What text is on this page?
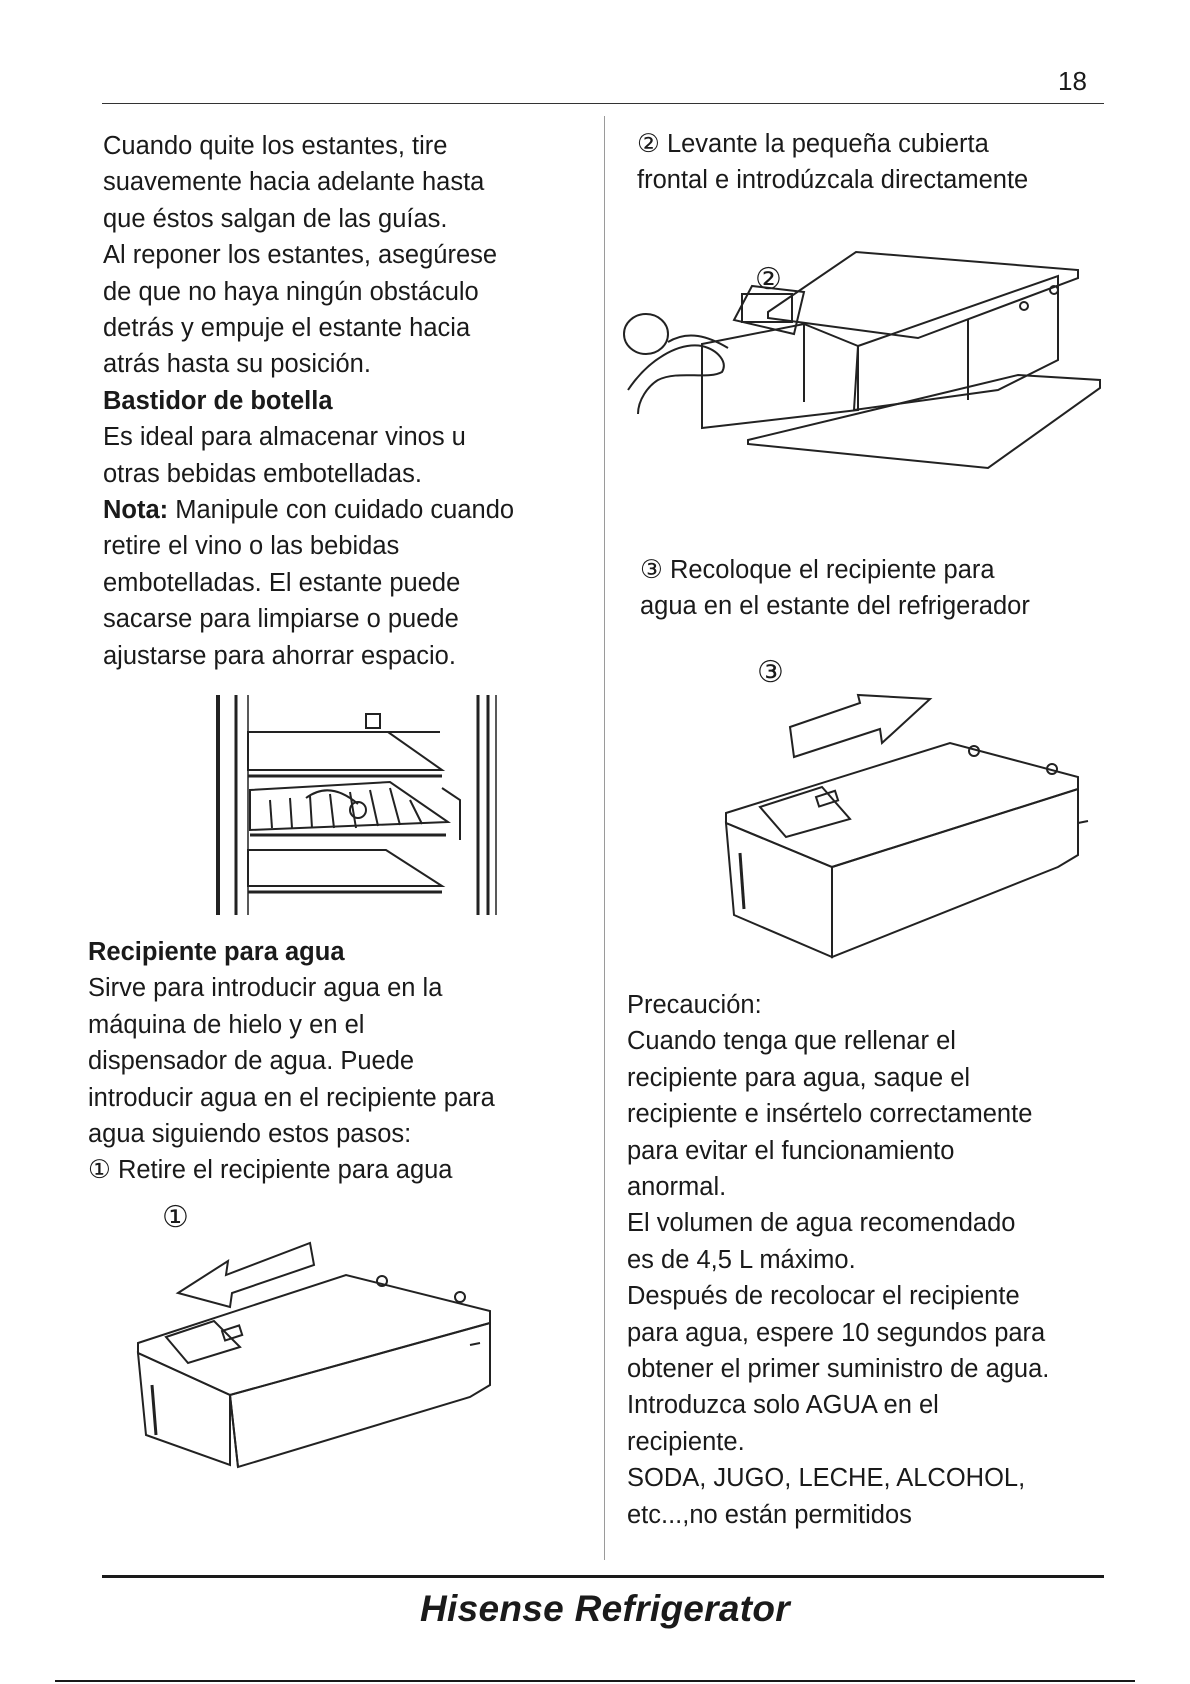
18

Cuando quite los estantes, tire

suavemente hacia adelante hasta

que éstos salgan de las guías.

Al reponer los estantes, asegúrese

de que no haya ningún obstáculo

detrás y empuje el estante hacia

atrás hasta su posición.

Bastidor de botella

Es ideal para almacenar vinos u

otras bebidas embotelladas.

Nota: Manipule con cuidado cuando

retire el vino o las bebidas

embotelladas. El estante puede

sacarse para limpiarse o puede

ajustarse para ahorrar espacio.

Recipiente para agua

Sirve para introducir agua en la

máquina de hielo y en el

dispensador de agua. Puede

introducir agua en el recipiente para

agua siguiendo estos pasos:

① Retire el recipiente para agua

①

② Levante la pequeña cubierta

frontal e introdúzcala directamente

②

③ Recoloque el recipiente para

agua en el estante del refrigerador

③

Precaución:

Cuando tenga que rellenar el

recipiente para agua, saque el

recipiente e insértelo correctamente

para evitar el funcionamiento

anormal.

El volumen de agua recomendado

es de 4,5 L máximo.

Después de recolocar el recipiente

para agua, espere 10 segundos para

obtener el primer suministro de agua.

Introduzca solo AGUA en el

recipiente.

SODA, JUGO, LECHE, ALCOHOL,

etc...,no están permitidos

Hisense Refrigerator
